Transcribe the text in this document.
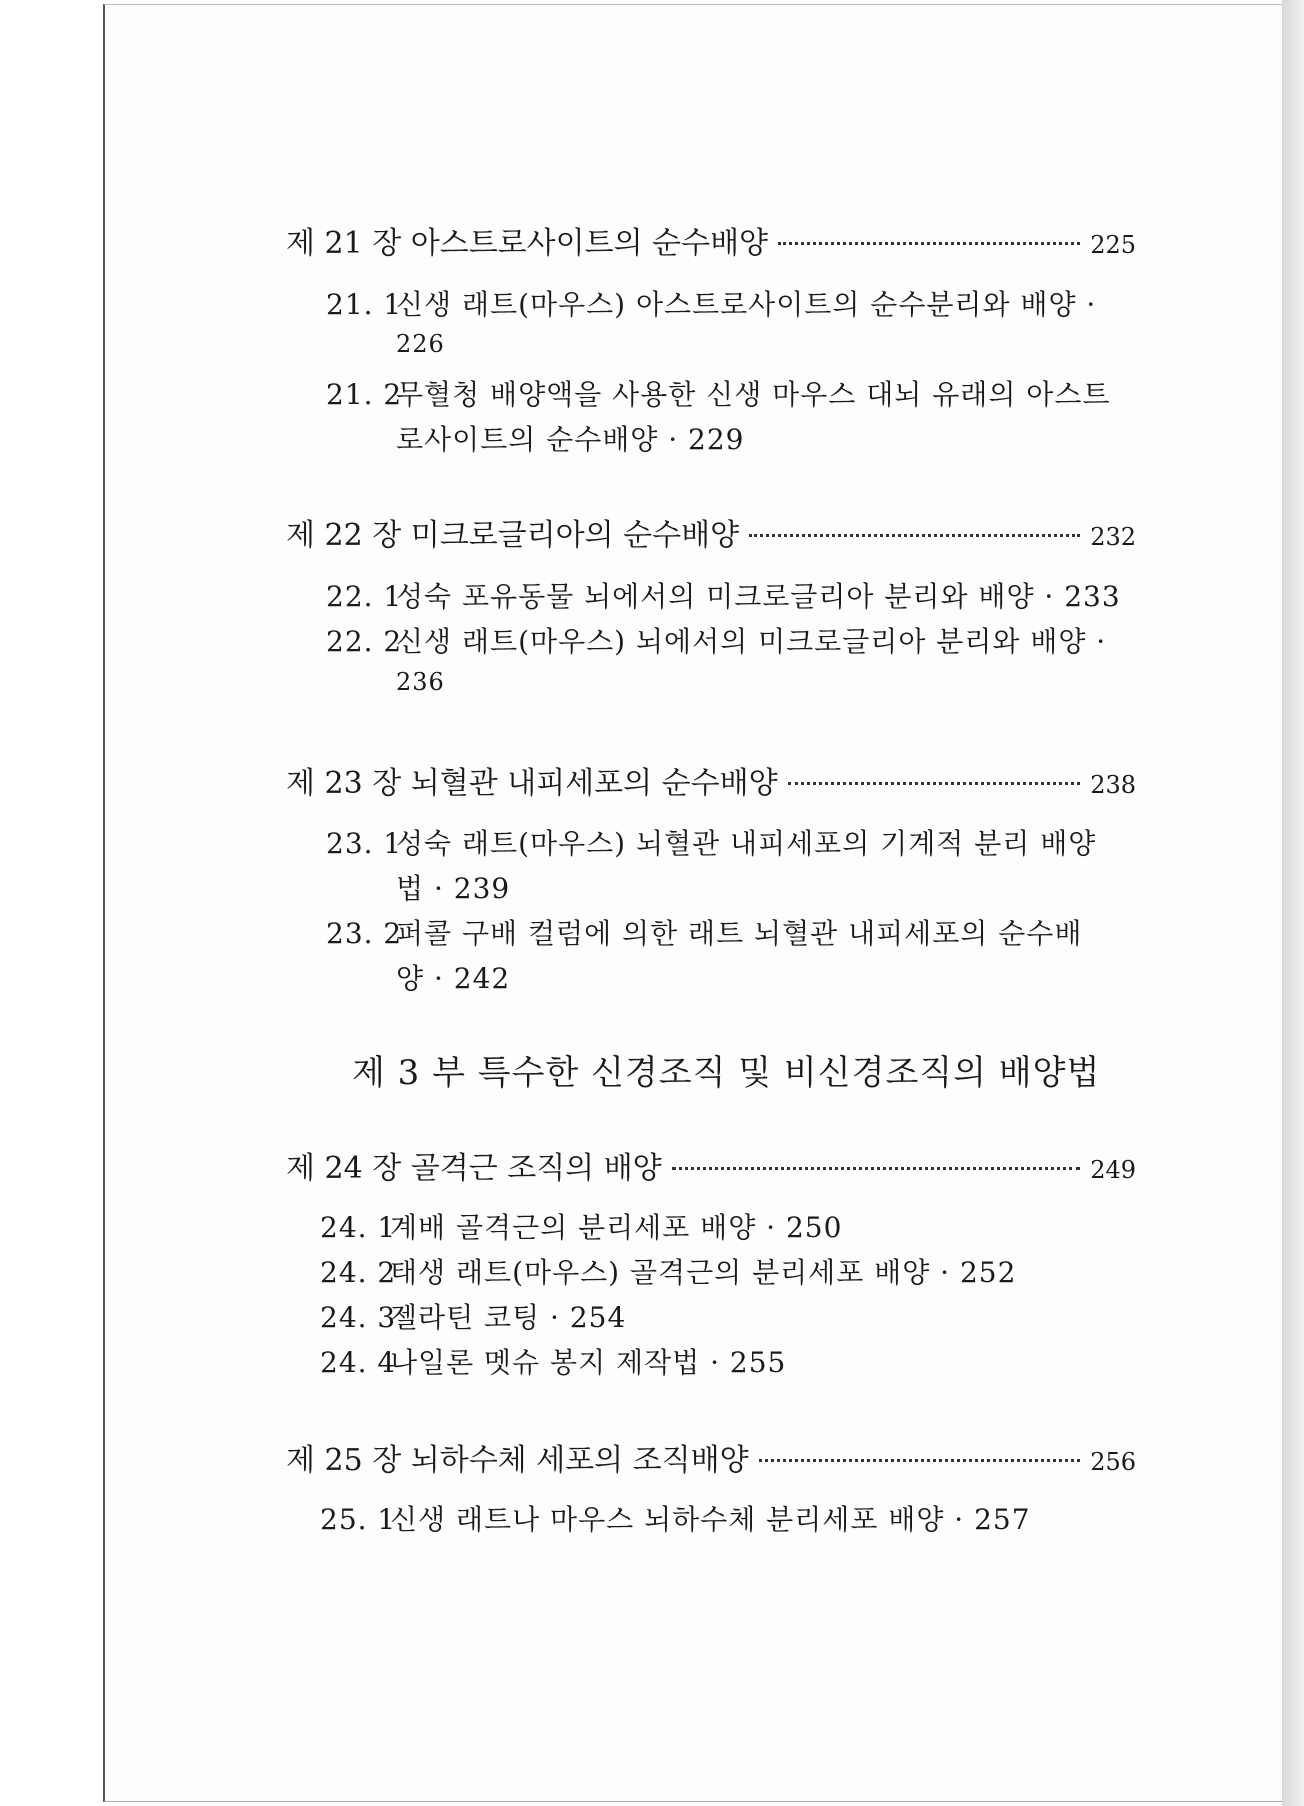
제 21 장 아스트로사이트의 순수배양	225
21. 1신생 래트(마우스) 아스트로사이트의 순수분리와 배양 ·
226
21. 2무혈청 배양액을 사용한 신생 마우스 대뇌 유래의 아스트
로사이트의 순수배양 · 229
제 22 장 미크로글리아의 순수배양	232
22. 1성숙 포유동물 뇌에서의 미크로글리아 분리와 배양 · 233
22. 2신생 래트(마우스) 뇌에서의 미크로글리아 분리와 배양 ·
236
제 23 장 뇌혈관 내피세포의 순수배양	238
23. 1성숙 래트(마우스) 뇌혈관 내피세포의 기계적 분리 배양
법 · 239
23. 2퍼콜 구배 컬럼에 의한 래트 뇌혈관 내피세포의 순수배
양 · 242
제 3 부 특수한 신경조직 및 비신경조직의 배양법
제 24 장 골격근 조직의 배양	249
24. 1계배 골격근의 분리세포 배양 · 250
24. 2태생 래트(마우스) 골격근의 분리세포 배양 · 252
24. 3젤라틴 코팅 · 254
24. 4나일론 멧슈 봉지 제작법 · 255
제 25 장 뇌하수체 세포의 조직배양	256
25. 1신생 래트나 마우스 뇌하수체 분리세포 배양 · 257
